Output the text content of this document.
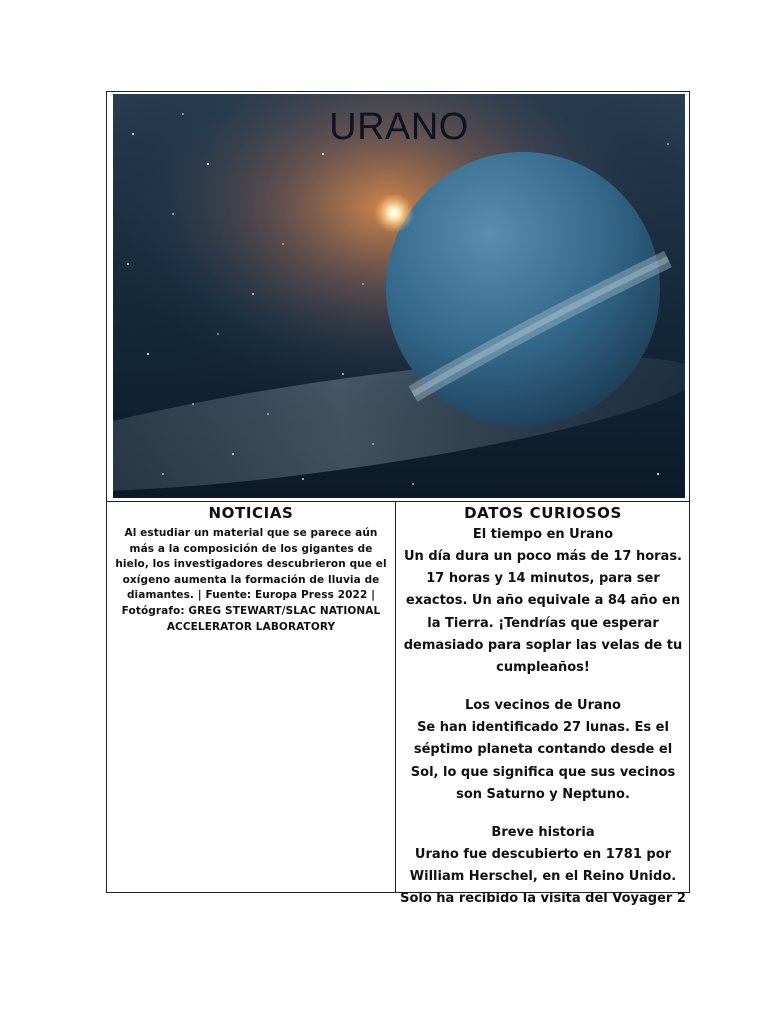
URANO
NOTICIAS

Al estudiar un material que se parece aún más a la composición de los gigantes de hielo, los investigadores descubrieron que el oxígeno aumenta la formación de lluvia de diamantes. | Fuente: Europa Press 2022 | Fotógrafo: GREG STEWART/SLAC NATIONAL ACCELERATOR LABORATORY

DATOS CURIOSOS
El tiempo en Urano

Un día dura un poco más de 17 horas. 17 horas y 14 minutos, para ser exactos. Un año equivale a 84 año en la Tierra. ¡Tendrías que esperar demasiado para soplar las velas de tu cumpleaños!

Los vecinos de Urano

Se han identificado 27 lunas. Es el séptimo planeta contando desde el Sol, lo que significa que sus vecinos son Saturno y Neptuno.

Breve historia

Urano fue descubierto en 1781 por William Herschel, en el Reino Unido. Solo ha recibido la visita del Voyager 2
